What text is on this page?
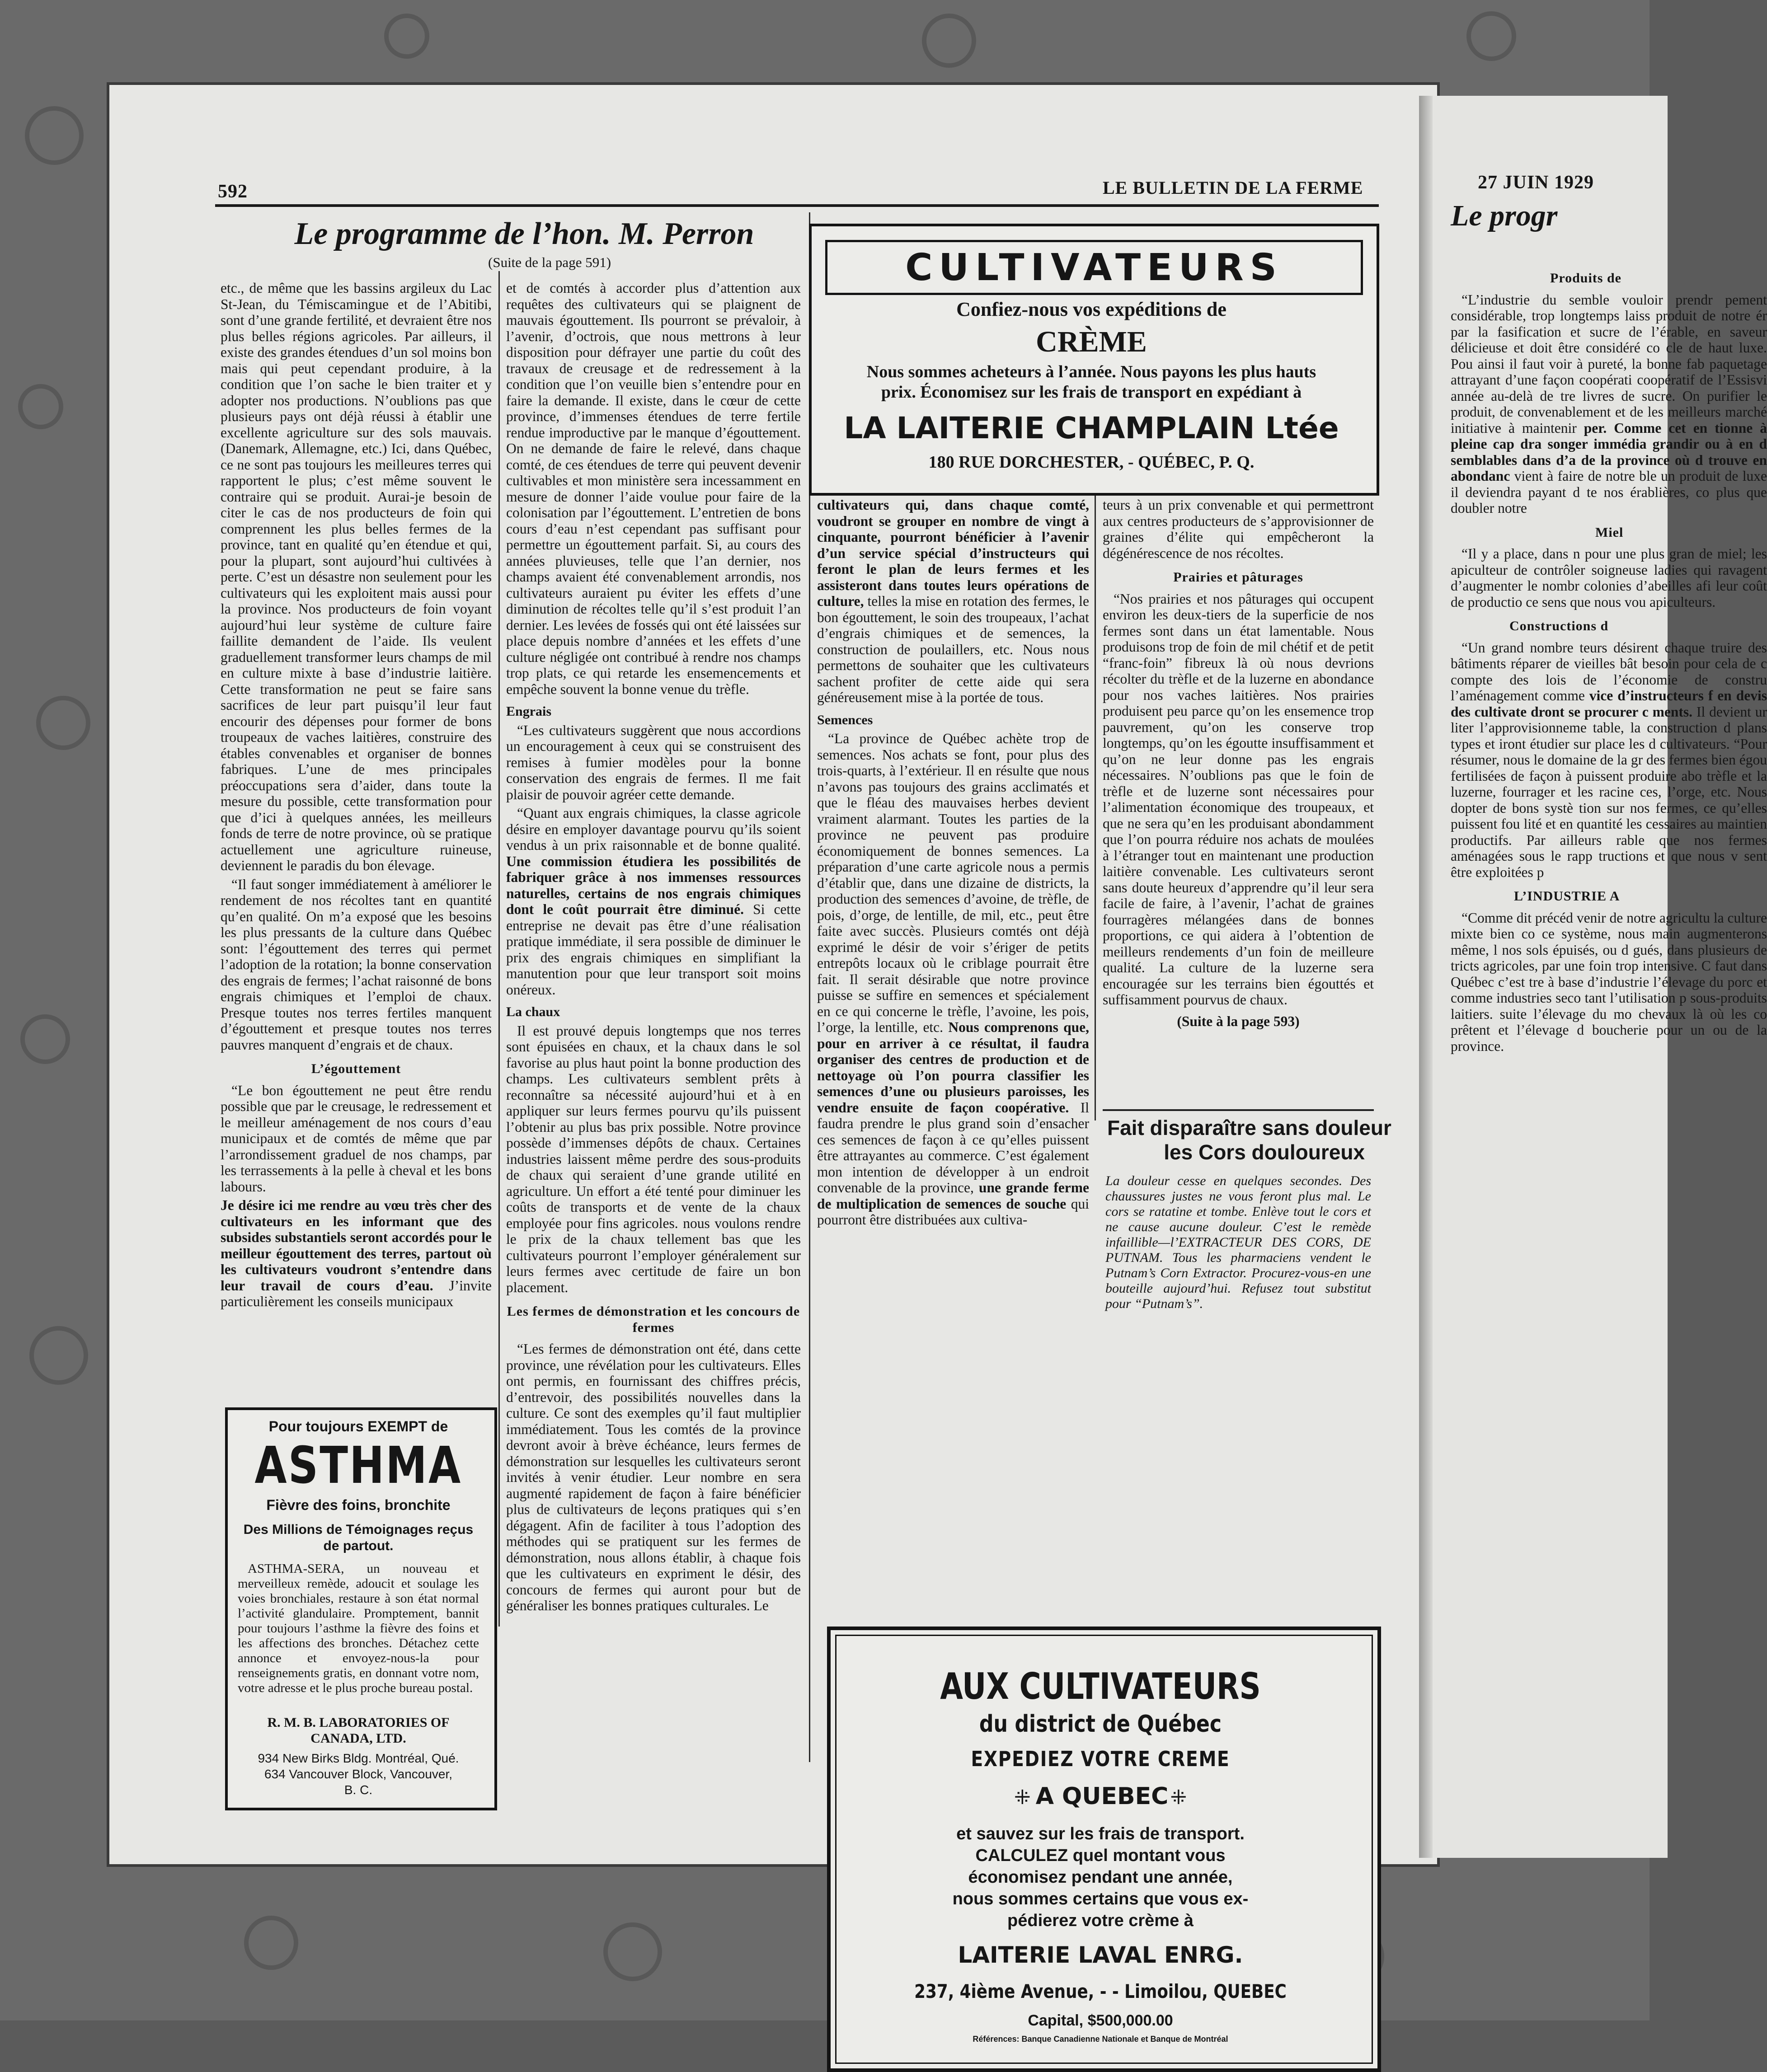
592	LE BULLETIN DE LA FERME	27 JUIN 1929
Le programme de l’hon. M. Perron
(Suite de la page 591)

etc., de même que les bassins argileux du Lac St-Jean, du Témiscamingue et de l’Abitibi, sont d’une grande fertilité, et devraient être nos plus belles régions agricoles. Par ailleurs, il existe des grandes étendues d’un sol moins bon mais qui peut cependant produire, à la condition que l’on sache le bien traiter et y adopter nos productions. N’oublions pas que plusieurs pays ont déjà réussi à établir une excellente agriculture sur des sols mauvais. (Danemark, Allemagne, etc.) Ici, dans Québec, ce ne sont pas toujours les meilleures terres qui rapportent le plus; c’est même souvent le contraire qui se produit. Aurai-je besoin de citer le cas de nos producteurs de foin qui comprennent les plus belles fermes de la province, tant en qualité qu’en étendue et qui, pour la plupart, sont aujourd’hui cultivées à perte. C’est un désastre non seulement pour les cultivateurs qui les exploitent mais aussi pour la province. Nos producteurs de foin voyant aujourd’hui leur système de culture faire faillite demandent de l’aide. Ils veulent graduellement transformer leurs champs de mil en culture mixte à base d’industrie laitière. Cette transformation ne peut se faire sans sacrifices de leur part puisqu’il leur faut encourir des dépenses pour former de bons troupeaux de vaches laitières, construire des étables convenables et organiser de bonnes fabriques. L’une de mes principales préoccupations sera d’aider, dans toute la mesure du possible, cette transformation pour que d’ici à quelques années, les meilleurs fonds de terre de notre province, où se pratique actuellement une agriculture ruineuse, deviennent le paradis du bon élevage.

“Il faut songer immédiatement à améliorer le rendement de nos récoltes tant en quantité qu’en qualité. On m’a exposé que les besoins les plus pressants de la culture dans Québec sont: l’égouttement des terres qui permet l’adoption de la rotation; la bonne conservation des engrais de fermes; l’achat raisonné de bons engrais chimiques et l’emploi de chaux. Presque toutes nos terres fertiles manquent d’égouttement et presque toutes nos terres pauvres manquent d’engrais et de chaux.

L’égouttement

“Le bon égouttement ne peut être rendu possible que par le creusage, le redressement et le meilleur aménagement de nos cours d’eau municipaux et de comtés de même que par l’arrondissement graduel de nos champs, par les terrassements à la pelle à cheval et les bons labours.

Je désire ici me rendre au vœu très cher des cultivateurs en les informant que des subsides substantiels seront accordés pour le meilleur égouttement des terres, partout où les cultivateurs voudront s’entendre dans leur travail de cours d’eau. J’invite particulièrement les conseils municipaux

et de comtés à accorder plus d’attention aux requêtes des cultivateurs qui se plaignent de mauvais égouttement. Ils pourront se prévaloir, à l’avenir, d’octrois, que nous mettrons à leur disposition pour défrayer une partie du coût des travaux de creusage et de redressement à la condition que l’on veuille bien s’entendre pour en faire la demande. Il existe, dans le cœur de cette province, d’immenses étendues de terre fertile rendue improductive par le manque d’égouttement. On ne demande de faire le relevé, dans chaque comté, de ces étendues de terre qui peuvent devenir cultivables et mon ministère sera incessamment en mesure de donner l’aide voulue pour faire de la colonisation par l’égouttement. L’entretien de bons cours d’eau n’est cependant pas suffisant pour permettre un égouttement parfait. Si, au cours des années pluvieuses, telle que l’an dernier, nos champs avaient été convenablement arrondis, nos cultivateurs auraient pu éviter les effets d’une diminution de récoltes telle qu’il s’est produit l’an dernier. Les levées de fossés qui ont été laissées sur place depuis nombre d’années et les effets d’une culture négligée ont contribué à rendre nos champs trop plats, ce qui retarde les ensemencements et empêche souvent la bonne venue du trèfle.

Engrais

“Les cultivateurs suggèrent que nous accordions un encouragement à ceux qui se construisent des remises à fumier modèles pour la bonne conservation des engrais de fermes. Il me fait plaisir de pouvoir agréer cette demande.

“Quant aux engrais chimiques, la classe agricole désire en employer davantage pourvu qu’ils soient vendus à un prix raisonnable et de bonne qualité. Une commission étudiera les possibilités de fabriquer grâce à nos immenses ressources naturelles, certains de nos engrais chimiques dont le coût pourrait être diminué. Si cette entreprise ne devait pas être d’une réalisation pratique immédiate, il sera possible de diminuer le prix des engrais chimiques en simplifiant la manutention pour que leur transport soit moins onéreux.

La chaux

Il est prouvé depuis longtemps que nos terres sont épuisées en chaux, et la chaux dans le sol favorise au plus haut point la bonne production des champs. Les cultivateurs semblent prêts à reconnaître sa nécessité aujourd’hui et à en appliquer sur leurs fermes pourvu qu’ils puissent l’obtenir au plus bas prix possible. Notre province possède d’immenses dépôts de chaux. Certaines industries laissent même perdre des sous-produits de chaux qui seraient d’une grande utilité en agriculture. Un effort a été tenté pour diminuer les coûts de transports et de vente de la chaux employée pour fins agricoles. nous voulons rendre le prix de la chaux tellement bas que les cultivateurs pourront l’employer généralement sur leurs fermes avec certitude de faire un bon placement.

Les fermes de démonstration et les concours de fermes

“Les fermes de démonstration ont été, dans cette province, une révélation pour les cultivateurs. Elles ont permis, en fournissant des chiffres précis, d’entrevoir, des possibilités nouvelles dans la culture. Ce sont des exemples qu’il faut multiplier immédiatement. Tous les comtés de la province devront avoir à brève échéance, leurs fermes de démonstration sur lesquelles les cultivateurs seront invités à venir étudier. Leur nombre en sera augmenté rapidement de façon à faire bénéficier plus de cultivateurs de leçons pratiques qui s’en dégagent. Afin de faciliter à tous l’adoption des méthodes qui se pratiquent sur les fermes de démonstration, nous allons établir, à chaque fois que les cultivateurs en expriment le désir, des concours de fermes qui auront pour but de généraliser les bonnes pratiques culturales. Le

CULTIVATEURS
Confiez-nous vos expéditions de
CRÈME
Nous sommes acheteurs à l’année. Nous payons les plus hauts
prix. Économisez sur les frais de transport en expédiant à
LA LAITERIE CHAMPLAIN Ltée
180 RUE DORCHESTER, - QUÉBEC, P. Q.

cultivateurs qui, dans chaque comté, voudront se grouper en nombre de vingt à cinquante, pourront bénéficier à l’avenir d’un service spécial d’instructeurs qui feront le plan de leurs fermes et les assisteront dans toutes leurs opérations de culture, telles la mise en rotation des fermes, le bon égouttement, le soin des troupeaux, l’achat d’engrais chimiques et de semences, la construction de poulaillers, etc. Nous nous permettons de souhaiter que les cultivateurs sachent profiter de cette aide qui sera généreusement mise à la portée de tous.

Semences

“La province de Québec achète trop de semences. Nos achats se font, pour plus des trois-quarts, à l’extérieur. Il en résulte que nous n’avons pas toujours des grains acclimatés et que le fléau des mauvaises herbes devient vraiment alarmant. Toutes les parties de la province ne peuvent pas produire économiquement de bonnes semences. La préparation d’une carte agricole nous a permis d’établir que, dans une dizaine de districts, la production des semences d’avoine, de trèfle, de pois, d’orge, de lentille, de mil, etc., peut être faite avec succès. Plusieurs comtés ont déjà exprimé le désir de voir s’ériger de petits entrepôts locaux où le criblage pourrait être fait. Il serait désirable que notre province puisse se suffire en semences et spécialement en ce qui concerne le trèfle, l’avoine, les pois, l’orge, la lentille, etc. Nous comprenons que, pour en arriver à ce résultat, il faudra organiser des centres de production et de nettoyage où l’on pourra classifier les semences d’une ou plusieurs paroisses, les vendre ensuite de façon coopérative. Il faudra prendre le plus grand soin d’ensacher ces semences de façon à ce qu’elles puissent être attrayantes au commerce. C’est également mon intention de développer à un endroit convenable de la province, une grande ferme de multiplication de semences de souche qui pourront être distribuées aux cultiva-

teurs à un prix convenable et qui permettront aux centres producteurs de s’approvisionner de graines d’élite qui empêcheront la dégénérescence de nos récoltes.

Prairies et pâturages

“Nos prairies et nos pâturages qui occupent environ les deux-tiers de la superficie de nos fermes sont dans un état lamentable. Nous produisons trop de foin de mil chétif et de petit “franc-foin” fibreux là où nous devrions récolter du trèfle et de la luzerne en abondance pour nos vaches laitières. Nos prairies produisent peu parce qu’on les ensemence trop pauvrement, qu’on les conserve trop longtemps, qu’on les égoutte insuffisamment et qu’on ne leur donne pas les engrais nécessaires. N’oublions pas que le foin de trèfle et de luzerne sont nécessaires pour l’alimentation économique des troupeaux, et que ne sera qu’en les produisant abondamment que l’on pourra réduire nos achats de moulées à l’étranger tout en maintenant une production laitière convenable. Les cultivateurs seront sans doute heureux d’apprendre qu’il leur sera facile de faire, à l’avenir, l’achat de graines fourragères mélangées dans de bonnes proportions, ce qui aidera à l’obtention de meilleurs rendements d’un foin de meilleure qualité. La culture de la luzerne sera encouragée sur les terrains bien égouttés et suffisamment pourvus de chaux.

(Suite à la page 593)

Fait disparaître sans douleur
les Cors douloureux
La douleur cesse en quelques secondes. Des chaussures justes ne vous feront plus mal. Le cors se ratatine et tombe. Enlève tout le cors et ne cause aucune douleur. C’est le remède infaillible—l’EXTRACTEUR DES CORS, DE PUTNAM. Tous les pharmaciens vendent le Putnam’s Corn Extractor. Procurez-vous-en une bouteille aujourd’hui. Refusez tout substitut pour “Putnam’s”.
Pour toujours EXEMPT de
ASTHMA
Fièvre des foins, bronchite
Des Millions de Témoignages reçus
de partout.
ASTHMA-SERA, un nouveau et merveilleux remède, adoucit et soulage les voies bronchiales, restaure à son état normal l’activité glandulaire. Promptement, bannit pour toujours l’asthme la fièvre des foins et les affections des bronches. Détachez cette annonce et envoyez-nous-la pour renseignements gratis, en donnant votre nom, votre adresse et le plus proche bureau postal.
R. M. B. LABORATORIES OF
CANADA, LTD.
934 New Birks Bldg. Montréal, Qué.
634 Vancouver Block, Vancouver,
B. C.
AUX CULTIVATEURS
du district de Québec
EXPEDIEZ VOTRE CREME
⁜ A QUEBEC ⁜
et sauvez sur les frais de transport.
CALCULEZ quel montant vous
économisez pendant une année,
nous sommes certains que vous ex-
pédierez votre crème à
LAITERIE LAVAL ENRG.
237, 4ième Avenue, - - Limoilou, QUEBEC
Capital, $500,000.00
Références: Banque Canadienne Nationale et Banque de Montréal
Le progr
Produits de

“L’industrie du semble vouloir prendr pement considérable, trop longtemps laiss produit de notre ér par la fasification et sucre de l’érable, en saveur délicieuse et doit être considéré co cle de haut luxe. Pou ainsi il faut voir à pureté, la bonne fab paquetage attrayant d’une façon coopérati coopératif de l’Essisvi année au-delà de tre livres de sucre. On purifier le produit, de convenablement et de les meilleurs marché initiative à maintenir per. Comme cet en tionne à pleine cap dra songer immédia grandir ou à en d semblables dans d’a de la province où d trouve en abondanc vient à faire de notre ble un produit de luxe il deviendra payant d te nos érablières, co plus que doubler notre

Miel

“Il y a place, dans n pour une plus gran de miel; les apiculteur de contrôler soigneuse ladies qui ravagent d’augmenter le nombr colonies d’abeilles afi leur coût de productio ce sens que nous vou apiculteurs.

Constructions d

“Un grand nombre teurs désirent chaque truire des bâtiments réparer de vieilles bât besoin pour cela de c compte des lois de l’économie de constru l’aménagement comme vice d’instructeurs f en devis des cultivate dront se procurer c ments. Il devient ur liter l’approvisionneme table, la construction d plans types et iront étudier sur place les d cultivateurs. “Pour résumer, nous le domaine de la gr des fermes bien égou fertilisées de façon à puissent produire abo trèfle et la luzerne, fourrager et les racine ces, l’orge, etc. Nous dopter de bons systè tion sur nos fermes, ce qu’elles puissent fou lité et en quantité les cessaires au maintien productifs. Par ailleurs rable que nos fermes aménagées sous le rapp tructions et que nous v sent être exploitées p

L’INDUSTRIE A

“Comme dit précéd venir de notre agricultu la culture mixte bien co ce système, nous main augmenterons même, l nos sols épuisés, ou d gués, dans plusieurs de tricts agricoles, par une foin trop intensive. C faut dans Québec c’est tre à base d’industrie l’élevage du porc et comme industries seco tant l’utilisation p sous-produits laitiers. suite l’élevage du mo chevaux là où les co prêtent et l’élevage d boucherie pour un ou de la province.
